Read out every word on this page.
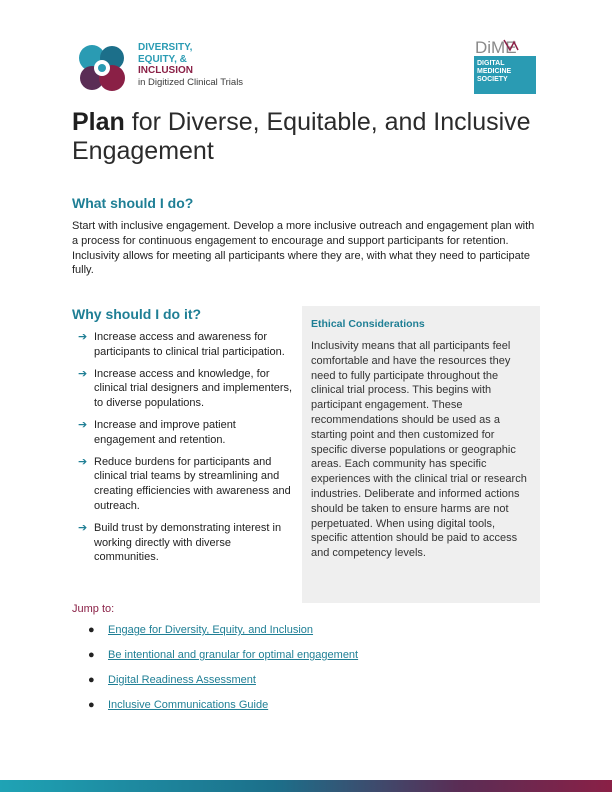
DIVERSITY,
EQUITY, &
INCLUSION
in Digitized Clinical Trials
DiME
DIGITAL
MEDICINE
SOCIETY
Plan for Diverse, Equitable, and Inclusive Engagement
What should I do?

Start with inclusive engagement. Develop a more inclusive outreach and engagement plan with a process for continuous engagement to encourage and support participants for retention. Inclusivity allows for meeting all participants where they are, with what they need to participate fully.

Why should I do it?
➔ Increase access and awareness for participants to clinical trial participation.
➔ Increase access and knowledge, for clinical trial designers and implementers, to diverse populations.
➔ Increase and improve patient engagement and retention.
➔ Reduce burdens for participants and clinical trial teams by streamlining and creating efficiencies with awareness and outreach.
➔ Build trust by demonstrating interest in working directly with diverse communities.

Ethical Considerations

Inclusivity means that all participants feel comfortable and have the resources they need to fully participate throughout the clinical trial process. This begins with participant engagement. These recommendations should be used as a starting point and then customized for specific diverse populations or geographic areas. Each community has specific experiences with the clinical trial or research industries. Deliberate and informed actions should be taken to ensure harms are not perpetuated. When using digital tools, specific attention should be paid to access and competency levels.

Jump to:

● Engage for Diversity, Equity, and Inclusion
● Be intentional and granular for optimal engagement
● Digital Readiness Assessment
● Inclusive Communications Guide
